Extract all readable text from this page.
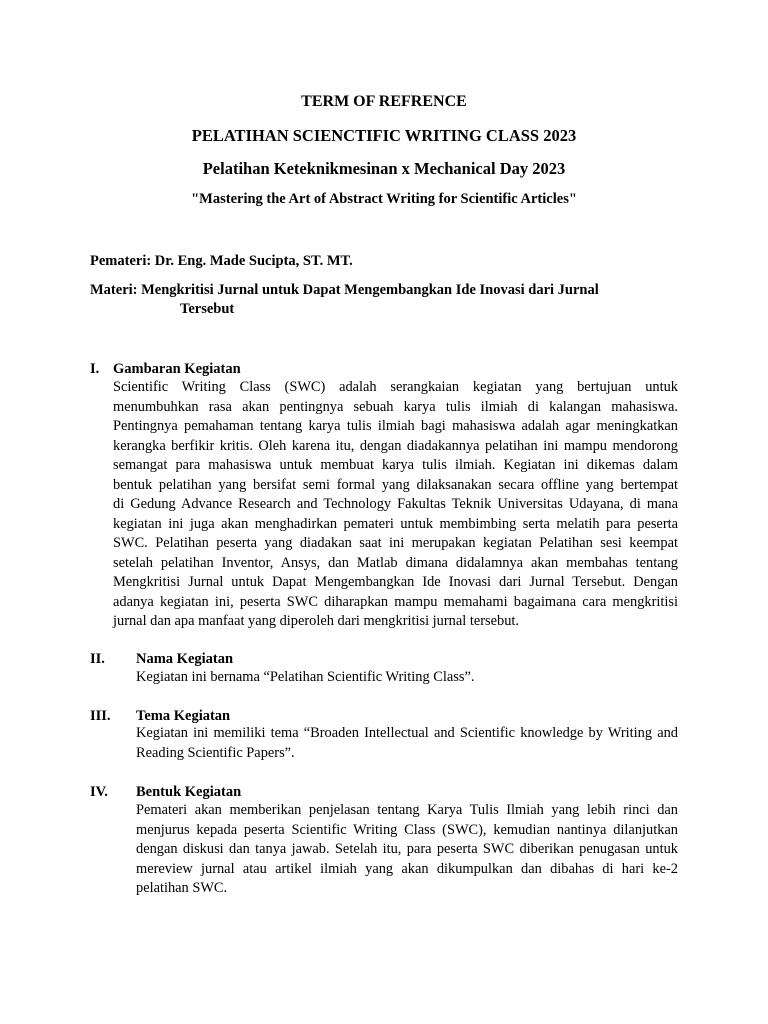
TERM OF REFRENCE
PELATIHAN SCIENCTIFIC WRITING CLASS 2023
Pelatihan Keteknikmesinan x Mechanical Day 2023
"Mastering the Art of Abstract Writing for Scientific Articles"
Pemateri: Dr. Eng. Made Sucipta, ST. MT.
Materi: Mengkritisi Jurnal untuk Dapat Mengembangkan Ide Inovasi dari Jurnal
Tersebut
I. Gambaran Kegiatan
Scientific Writing Class (SWC) adalah serangkaian kegiatan yang bertujuan untuk
menumbuhkan rasa akan pentingnya sebuah karya tulis ilmiah di kalangan mahasiswa.
Pentingnya pemahaman tentang karya tulis ilmiah bagi mahasiswa adalah agar meningkatkan
kerangka berfikir kritis. Oleh karena itu, dengan diadakannya pelatihan ini mampu mendorong
semangat para mahasiswa untuk membuat karya tulis ilmiah. Kegiatan ini dikemas dalam
bentuk pelatihan yang bersifat semi formal yang dilaksanakan secara offline yang bertempat
di Gedung Advance Research and Technology Fakultas Teknik Universitas Udayana, di mana
kegiatan ini juga akan menghadirkan pemateri untuk membimbing serta melatih para peserta
SWC. Pelatihan peserta yang diadakan saat ini merupakan kegiatan Pelatihan sesi keempat
setelah pelatihan Inventor, Ansys, dan Matlab dimana didalamnya akan membahas tentang
Mengkritisi Jurnal untuk Dapat Mengembangkan Ide Inovasi dari Jurnal Tersebut. Dengan
adanya kegiatan ini, peserta SWC diharapkan mampu memahami bagaimana cara mengkritisi
jurnal dan apa manfaat yang diperoleh dari mengkritisi jurnal tersebut.
II. Nama Kegiatan
Kegiatan ini bernama “Pelatihan Scientific Writing Class”.
III. Tema Kegiatan
Kegiatan ini memiliki tema “Broaden Intellectual and Scientific knowledge by Writing and
Reading Scientific Papers”.
IV. Bentuk Kegiatan
Pemateri akan memberikan penjelasan tentang Karya Tulis Ilmiah yang lebih rinci dan
menjurus kepada peserta Scientific Writing Class (SWC), kemudian nantinya dilanjutkan
dengan diskusi dan tanya jawab. Setelah itu, para peserta SWC diberikan penugasan untuk
mereview jurnal atau artikel ilmiah yang akan dikumpulkan dan dibahas di hari ke-2
pelatihan SWC.
